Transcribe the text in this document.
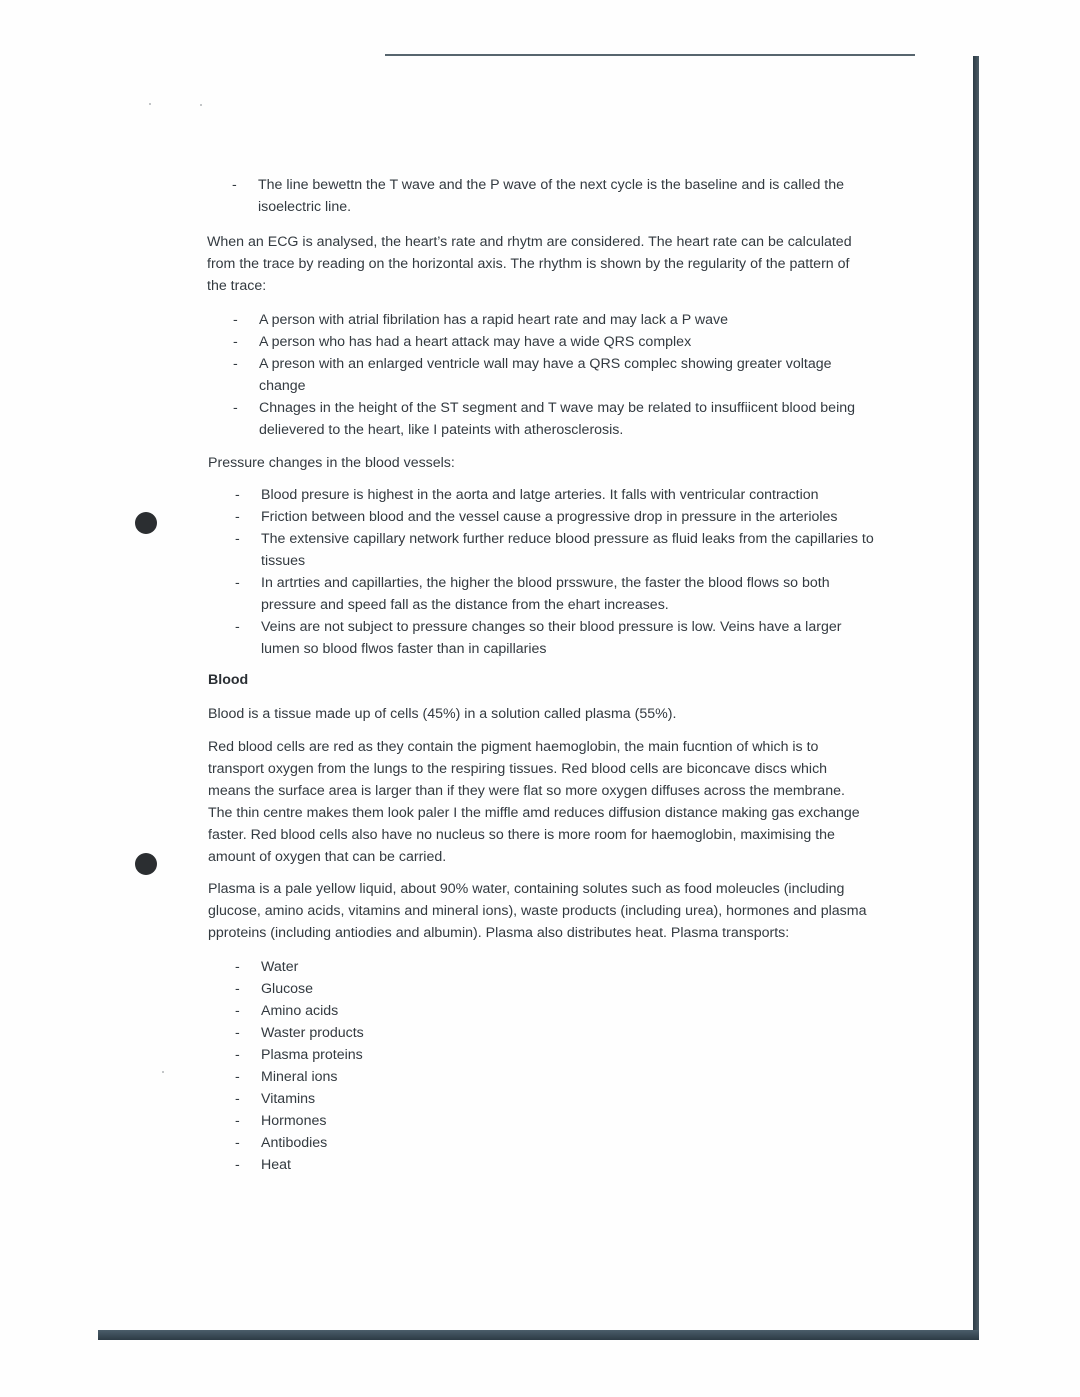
- The line bewettn the T wave and the P wave of the next cycle is the baseline and is called the isoelectric line.
When an ECG is analysed, the heart’s rate and rhytm are considered. The heart rate can be calculated from the trace by reading on the horizontal axis. The rhythm is shown by the regularity of the pattern of the trace:
- A person with atrial fibrilation has a rapid heart rate and may lack a P wave
- A person who has had a heart attack may have a wide QRS complex
- A preson with an enlarged ventricle wall may have a QRS complec showing greater voltage change
- Chnages in the height of the ST segment and T wave may be related to insuffiicent blood being delievered to the heart, like I pateints with atherosclerosis.
Pressure changes in the blood vessels:
- Blood presure is highest in the aorta and latge arteries. It falls with ventricular contraction
- Friction between blood and the vessel cause a progressive drop in pressure in the arterioles
- The extensive capillary network further reduce blood pressure as fluid leaks from the capillaries to tissues
- In artrties and capillarties, the higher the blood prsswure, the faster the blood flows so both pressure and speed fall as the distance from the ehart increases.
- Veins are not subject to pressure changes so their blood pressure is low. Veins have a larger lumen so blood flwos faster than in capillaries
Blood
Blood is a tissue made up of cells (45%) in a solution called plasma (55%).
Red blood cells are red as they contain the pigment haemoglobin, the main fucntion of which is to transport oxygen from the lungs to the respiring tissues. Red blood cells are biconcave discs which means the surface area is larger than if they were flat so more oxygen diffuses across the membrane. The thin centre makes them look paler I the miffle amd reduces diffusion distance making gas exchange faster. Red blood cells also have no nucleus so there is more room for haemoglobin, maximising the amount of oxygen that can be carried.
Plasma is a pale yellow liquid, about 90% water, containing solutes such as food moleucles (including glucose, amino acids, vitamins and mineral ions), waste products (including urea), hormones and plasma pproteins (including antiodies and albumin). Plasma also distributes heat. Plasma transports:
- Water
- Glucose
- Amino acids
- Waster products
- Plasma proteins
- Mineral ions
- Vitamins
- Hormones
- Antibodies
- Heat
